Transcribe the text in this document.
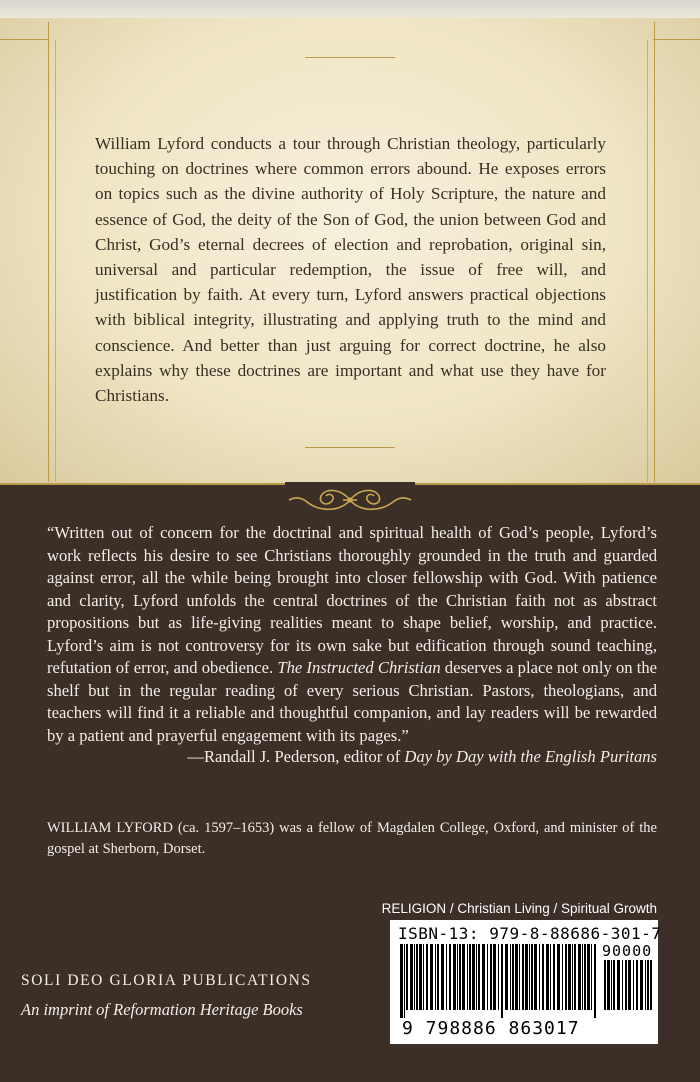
William Lyford conducts a tour through Christian theology, particularly touching on doctrines where common errors abound. He exposes errors on topics such as the divine authority of Holy Scripture, the nature and essence of God, the deity of the Son of God, the union between God and Christ, God’s eternal decrees of election and reprobation, original sin, universal and particular redemption, the issue of free will, and justification by faith. At every turn, Lyford answers practical objections with biblical integrity, illustrating and applying truth to the mind and conscience. And better than just arguing for correct doctrine, he also explains why these doctrines are important and what use they have for Christians.

“Written out of concern for the doctrinal and spiritual health of God’s people, Lyford’s work reflects his desire to see Christians thoroughly grounded in the truth and guarded against error, all the while being brought into closer fellowship with God. With patience and clarity, Lyford unfolds the central doctrines of the Christian faith not as abstract propositions but as life-giving realities meant to shape belief, worship, and practice. Lyford’s aim is not controversy for its own sake but edification through sound teaching, refutation of error, and obedience. The Instructed Christian deserves a place not only on the shelf but in the regular reading of every serious Christian. Pastors, theologians, and teachers will find it a reliable and thoughtful companion, and lay readers will be rewarded by a patient and prayerful engagement with its pages.”

—Randall J. Pederson, editor of Day by Day with the English Puritans

WILLIAM LYFORD (ca. 1597–1653) was a fellow of Magdalen College, Oxford, and minister of the gospel at Sherborn, Dorset.

RELIGION / Christian Living / Spiritual Growth

ISBN-13: 979-8-88686-301-7
90000
9 798886 863017

SOLI DEO GLORIA PUBLICATIONS

An imprint of Reformation Heritage Books
